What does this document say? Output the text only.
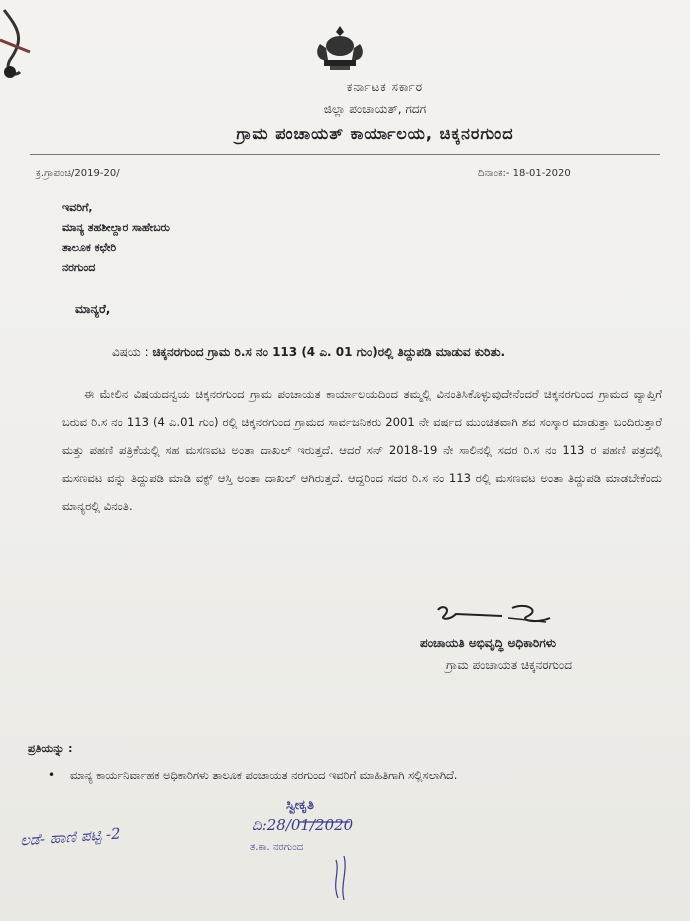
ಕರ್ನಾಟಕ ಸರ್ಕಾರ
ಜಿಲ್ಲಾ ಪಂಚಾಯತ್, ಗದಗ
ಗ್ರಾಮ ಪಂಚಾಯತ್ ಕಾರ್ಯಾಲಯ, ಚಿಕ್ಕನರಗುಂದ
ಕ್ರ.ಗ್ರಾಪಂಚಿ/2019-20/	ದಿನಾಂಕ:- 18-01-2020
ಇವರಿಗೆ,
ಮಾನ್ಯ ತಹಶೀಲ್ದಾರ ಸಾಹೇಬರು
ತಾಲೂಕ ಕಛೇರಿ
ನರಗುಂದ
ಮಾನ್ಯರೆ,
ವಿಷಯ : ಚಿಕ್ಕನರಗುಂದ ಗ್ರಾಮ ರಿ.ಸ ನಂ 113 (4 ಎ. 01 ಗುಂ)ರಲ್ಲಿ ತಿದ್ದುಪಡಿ ಮಾಡುವ ಕುರಿತು.
ಈ ಮೇಲಿನ ವಿಷಯದನ್ವಯ ಚಿಕ್ಕನರಗುಂದ ಗ್ರಾಮ ಪಂಚಾಯತ ಕಾರ್ಯಾಲಯದಿಂದ ತಮ್ಮಲ್ಲಿ ವಿನಂತಿಸಿಕೊಳ್ಳುವುದೇನೆಂದರೆ ಚಿಕ್ಕನರಗುಂದ ಗ್ರಾಮದ ವ್ಯಾಪ್ತಿಗೆ ಬರುವ ರಿ.ಸ ನಂ 113 (4 ಎ.01 ಗುಂ) ರಲ್ಲಿ ಚಿಕ್ಕನರಗುಂದ ಗ್ರಾಮದ ಸಾರ್ವಜನಿಕರು 2001 ನೇ ವರ್ಷದ ಮುಂಚಿತವಾಗಿ ಶವ ಸಂಸ್ಕಾರ ಮಾಡುತ್ತಾ ಬಂದಿರುತ್ತಾರೆ ಮತ್ತು ಪಹಣಿ ಪತ್ರಿಕೆಯಲ್ಲಿ ಸಹ ಮಸಣವಟ ಅಂತಾ ದಾಖಲ್ ಇರುತ್ತದೆ. ಆದರೆ ಸನ್ 2018-19 ನೇ ಸಾಲಿನಲ್ಲಿ ಸದರ ರಿ.ಸ ನಂ 113 ರ ಪಹಣಿ ಪತ್ರದಲ್ಲಿ ಮಸಣವಟ ವನ್ನು ತಿದ್ದುಪಡಿ ಮಾಡಿ ವಕ್ಫ್ ಆಸ್ತಿ ಅಂತಾ ದಾಖಲ್ ಆಗಿರುತ್ತದೆ. ಆದ್ದರಿಂದ ಸದರ ರಿ.ಸ ನಂ 113 ರಲ್ಲಿ ಮಸಣವಟ ಅಂತಾ ತಿದ್ದುಪಡಿ ಮಾಡಬೇಕೆಂದು ಮಾನ್ಯರಲ್ಲಿ ವಿನಂತಿ.
ಪಂಚಾಯತಿ ಅಭಿವೃದ್ಧಿ ಅಧಿಕಾರಿಗಳು
ಗ್ರಾಮ ಪಂಚಾಯತ ಚಿಕ್ಕನರಗುಂದ
ಪ್ರತಿಯನ್ನು :
• ಮಾನ್ಯ ಕಾರ್ಯನಿರ್ವಾಹಕ ಅಧಿಕಾರಿಗಳು ತಾಲೂಕ ಪಂಚಾಯತ ನರಗುಂದ ಇವರಿಗೆ ಮಾಹಿತಿಗಾಗಿ ಸಲ್ಲಿಸಲಾಗಿದೆ.
ಲಡೆ- ಹಾಣಿ ಪಟ್ಟಿ -2
ಸ್ವೀಕೃತಿ
ದಿ:28/01/2020
ತ.ಕಾ. ನರಗುಂದ
